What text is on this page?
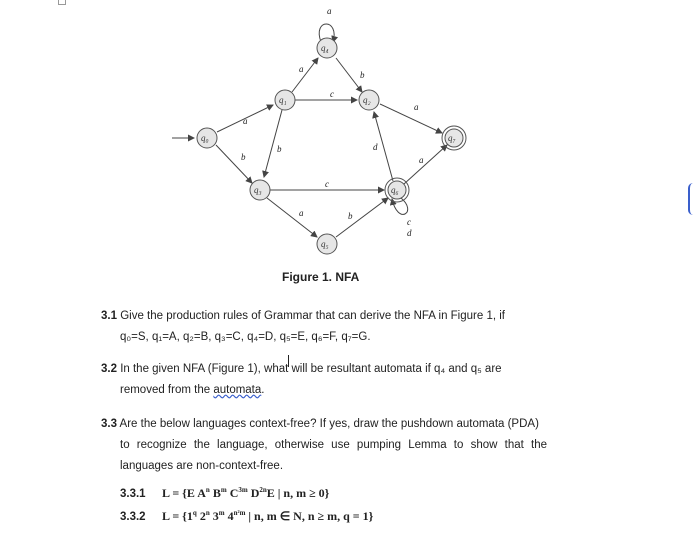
a
a
b
a
b
c
b
a
d
a
c
a	b
c
d
q₀
q₁
q₄
q₂
q₇
q₃	q₆
q₅
Figure 1. NFA
3.1 Give the production rules of Grammar that can derive the NFA in Figure 1, if
q₀=S, q₁=A, q₂=B, q₃=C, q₄=D, q₅=E, q₆=F, q₇=G.
3.2 In the given NFA (Figure 1), what will be resultant automata if q₄ and q₅ are
removed from the automata.
3.3 Are the below languages context-free? If yes, draw the pushdown automata (PDA)
to recognize the language, otherwise use pumping Lemma to show that the
languages are non-context-free.
3.3.1 L = {E $A^n$ $B^m$ $C^{3m}$ $D^{2n}E$ | n, m ≥ 0}
3.3.2 $L = \{1^q$ 2$^n$ 3$^m$ $4^{n^2m}$ | n, m ∈ N, n ≥ m, q = 1}
